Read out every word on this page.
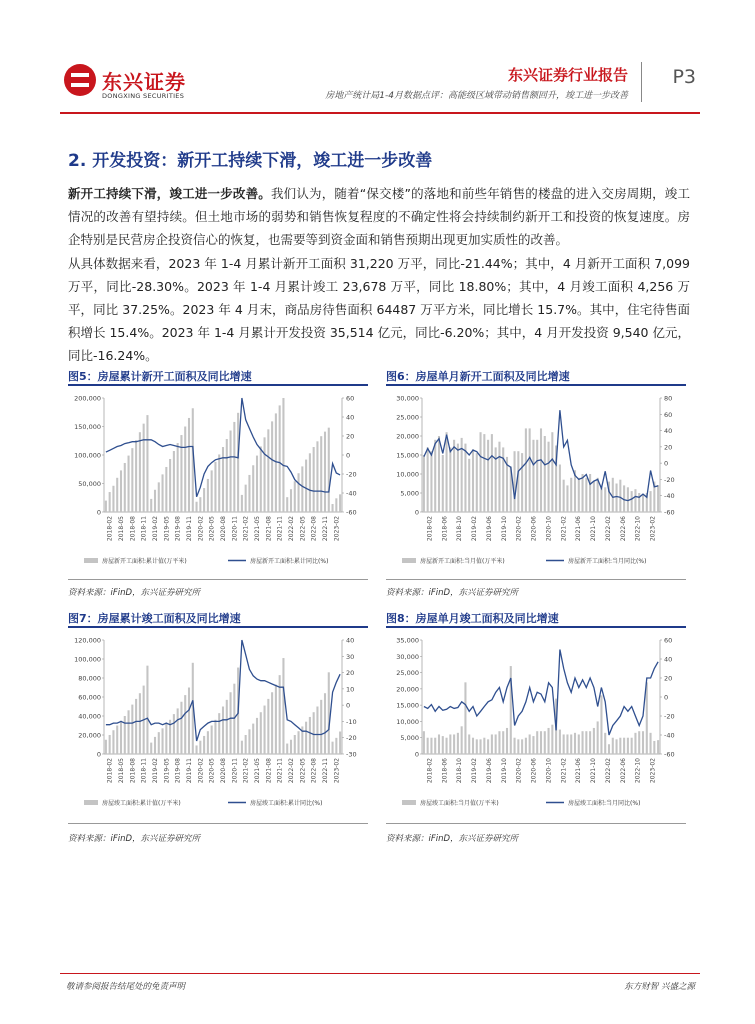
东兴证券
DONGXING SECURITIES
东兴证券行业报告
房地产统计局1-4月数据点评：高能级区域带动销售额回升，竣工进一步改善
P3
2. 开发投资：新开工持续下滑，竣工进一步改善
新开工持续下滑，竣工进一步改善。我们认为，随着“保交楼”的落地和前些年销售的楼盘的进入交房周期，竣工情况的改善有望持续。但土地市场的弱势和销售恢复程度的不确定性将会持续制约新开工和投资的恢复速度。房企特别是民营房企投资信心的恢复，也需要等到资金面和销售预期出现更加实质性的改善。
从具体数据来看，2023 年 1-4 月累计新开工面积 31,220 万平，同比-21.44%；其中，4 月新开工面积 7,099 万平，同比-28.30%。2023 年 1-4 月累计竣工 23,678 万平，同比 18.80%；其中，4 月竣工面积 4,256 万平，同比 37.25%。2023 年 4 月末，商品房待售面积 64487 万平方米，同比增长 15.7%。其中，住宅待售面积增长 15.4%。2023 年 1-4 月累计开发投资 35,514 亿元，同比-6.20%；其中，4 月开发投资 9,540 亿元，同比-16.24%。
图5：房屋累计新开工面积及同比增速
0
50,000
100,000
150,000
200,000
-60
-40
-20
0
20
40
60
2018-02 2018-05 2018-08 2018-11 2019-02 2019-05 2019-08 2019-11 2020-02 2020-05 2020-08 2020-11 2021-02 2021-05 2021-08 2021-11 2022-02 2022-05 2022-08 2022-11 2023-02
房屋新开工面积:累计值(万平米)	房屋新开工面积:累计同比(%)
资料来源：iFinD，东兴证券研究所
图6：房屋单月新开工面积及同比增速
0
5,000
10,000
15,000
20,000
25,000
30,000
-60
-40
-20
0
20
40
60
80
2018-02 2018-06 2018-10 2019-02 2019-06 2019-10 2020-02 2020-06 2020-10 2021-02 2021-06 2021-10 2022-02 2022-06 2022-10 2023-02
房屋新开工面积:当月值(万平米)	房屋新开工面积:当月同比(%)
资料来源：iFinD，东兴证券研究所
图7：房屋累计竣工面积及同比增速
0
20,000
40,000
60,000
80,000
100,000
120,000
-30
-20
-10
0
10
20
30
40
2018-02 2018-05 2018-08 2018-11 2019-02 2019-05 2019-08 2019-11 2020-02 2020-05 2020-08 2020-11 2021-02 2021-05 2021-08 2021-11 2022-02 2022-05 2022-08 2022-11 2023-02
房屋竣工面积:累计值(万平米)	房屋竣工面积:累计同比(%)
资料来源：iFinD，东兴证券研究所
图8：房屋单月竣工面积及同比增速
0
5,000
10,000
15,000
20,000
25,000
30,000
35,000
-60
-40
-20
0
20
40
60
2018-02 2018-06 2018-10 2019-02 2019-06 2019-10 2020-02 2020-06 2020-10 2021-02 2021-06 2021-10 2022-02 2022-06 2022-10 2023-02
房屋竣工面积:当月值(万平米)	房屋竣工面积:当月同比(%)
资料来源：iFinD，东兴证券研究所
敬请参阅报告结尾处的免责声明	东方财智 兴盛之源
